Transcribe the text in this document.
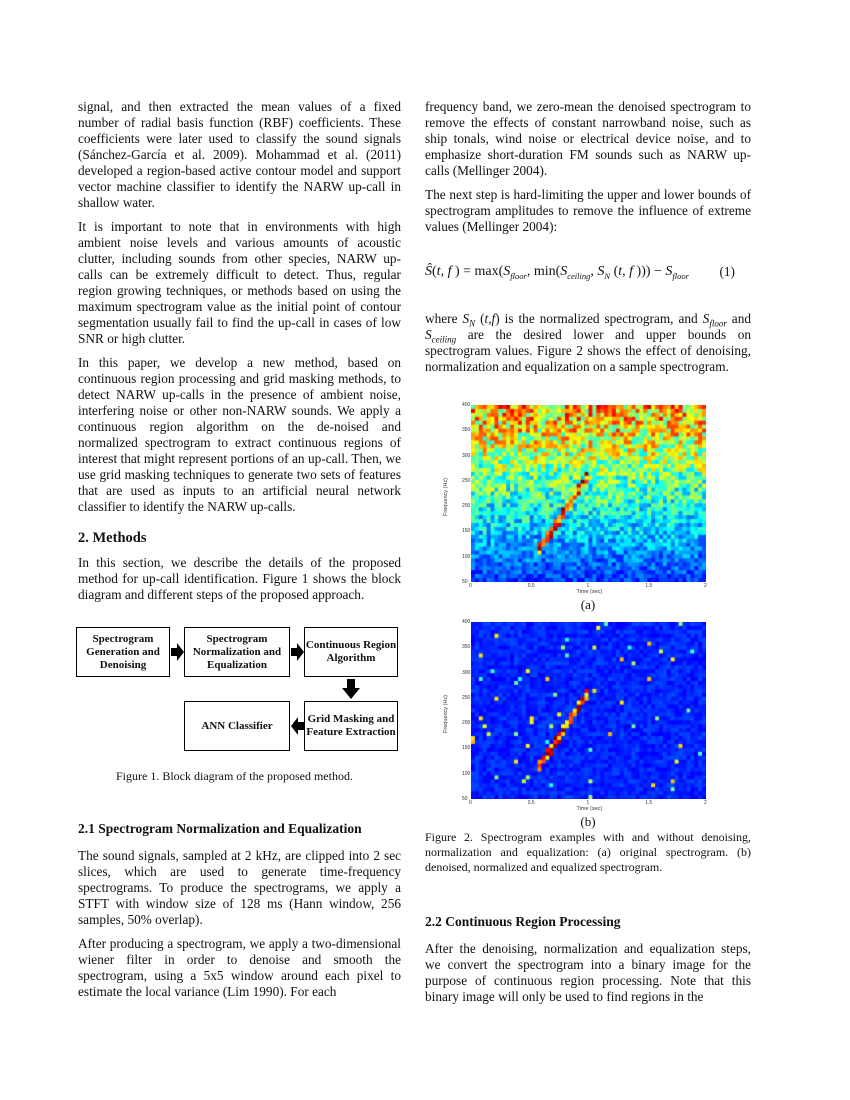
signal, and then extracted the mean values of a fixed number of radial basis function (RBF) coefficients. These coefficients were later used to classify the sound signals (Sánchez-García et al. 2009). Mohammad et al. (2011) developed a region-based active contour model and support vector machine classifier to identify the NARW up-call in shallow water.

It is important to note that in environments with high ambient noise levels and various amounts of acoustic clutter, including sounds from other species, NARW up-calls can be extremely difficult to detect. Thus, regular region growing techniques, or methods based on using the maximum spectrogram value as the initial point of contour segmentation usually fail to find the up-call in cases of low SNR or high clutter.

In this paper, we develop a new method, based on continuous region processing and grid masking methods, to detect NARW up-calls in the presence of ambient noise, interfering noise or other non-NARW sounds. We apply a continuous region algorithm on the de-noised and normalized spectrogram to extract continuous regions of interest that might represent portions of an up-call. Then, we use grid masking techniques to generate two sets of features that are used as inputs to an artificial neural network classifier to identify the NARW up-calls.

2. Methods

In this section, we describe the details of the proposed method for up-call identification. Figure 1 shows the block diagram and different steps of the proposed approach.

Spectrogram Generation and Denoising
Spectrogram Normalization and Equalization
Continuous Region Algorithm
Grid Masking and Feature Extraction
ANN Classifier
Figure 1. Block diagram of the proposed method.
2.1 Spectrogram Normalization and Equalization

The sound signals, sampled at 2 kHz, are clipped into 2 sec slices, which are used to generate time-frequency spectrograms. To produce the spectrograms, we apply a STFT with window size of 128 ms (Hann window, 256 samples, 50% overlap).

After producing a spectrogram, we apply a two-dimensional wiener filter in order to denoise and smooth the spectrogram, using a 5x5 window around each pixel to estimate the local variance (Lim 1990). For each

frequency band, we zero-mean the denoised spectrogram to remove the effects of constant narrowband noise, such as ship tonals, wind noise or electrical device noise, and to emphasize short-duration FM sounds such as NARW up-calls (Mellinger 2004).

The next step is hard-limiting the upper and lower bounds of spectrogram amplitudes to remove the influence of extreme values (Mellinger 2004):

Ŝ(t, f ) = $\max(S_{floor}$, $\min(S_{ceiling}$, $S_N$ (t, f ))) − $S_{floor}$ (1)

where $S_N$ (t,f) is the normalized spectrogram, and $S_{floor}$ and $S_{ceiling}$ are the desired lower and upper bounds on spectrogram values. Figure 2 shows the effect of denoising, normalization and equalization on a sample spectrogram.

400
350
300
250
200
150
100
50
0	0.5	1	1.5	2
Time (sec)
Frequency (Hz)
(a)
400
350
300
250
200
150
100
50
0	0.5	1	1.5	2
Time (sec)
Frequency (Hz)
(b)
Figure 2. Spectrogram examples with and without denoising, normalization and equalization: (a) original spectrogram. (b) denoised, normalized and equalized spectrogram.
2.2 Continuous Region Processing

After the denoising, normalization and equalization steps, we convert the spectrogram into a binary image for the purpose of continuous region processing. Note that this binary image will only be used to find regions in the
